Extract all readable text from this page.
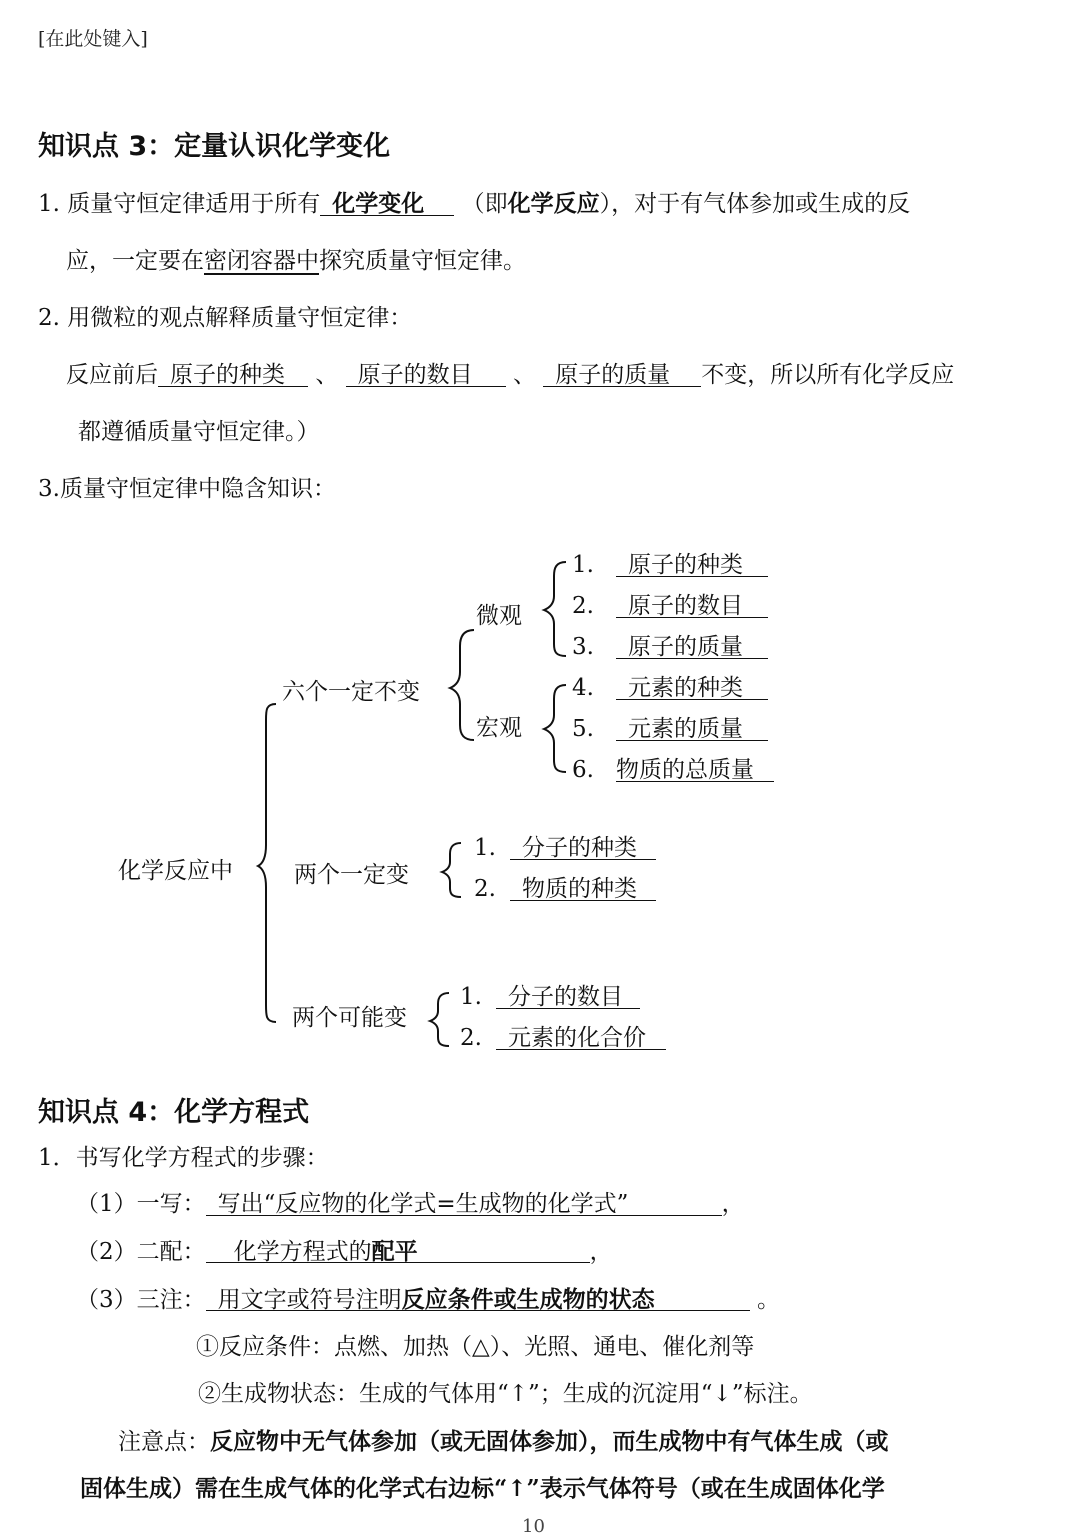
[在此处键入]
知识点 3：定量认识化学变化
1. 质量守恒定律适用于所有 化学变化 （即化学反应），对于有气体参加或生成的反
应，一定要在密闭容器中探究质量守恒定律。
2. 用微粒的观点解释质量守恒定律：
反应前后 原子的种类 、 原子的数目 、 原子的质量 不变，所以所有化学反应
都遵循质量守恒定律。）
3.质量守恒定律中隐含知识：
化学反应中
六个一定不变
微观
宏观
1. 原子的种类
2. 原子的数目
3. 原子的质量
4. 元素的种类
5. 元素的质量
6. 物质的总质量
两个一定变
1. 分子的种类
2. 物质的种类
两个可能变
1. 分子的数目
2. 元素的化合价
知识点 4：化学方程式
1．书写化学方程式的步骤：
（1）一写： 写出“反应物的化学式=生成物的化学式”	，
（2）二配： 化学方程式的配平	，
（3）三注： 用文字或符号注明反应条件或生成物的状态	。
①反应条件：点燃、加热（△）、光照、通电、催化剂等
②生成物状态：生成的气体用“↑”；生成的沉淀用“↓”标注。
注意点：反应物中无气体参加（或无固体参加），而生成物中有气体生成（或
固体生成）需在生成气体的化学式右边标“↑”表示气体符号（或在生成固体化学
10
